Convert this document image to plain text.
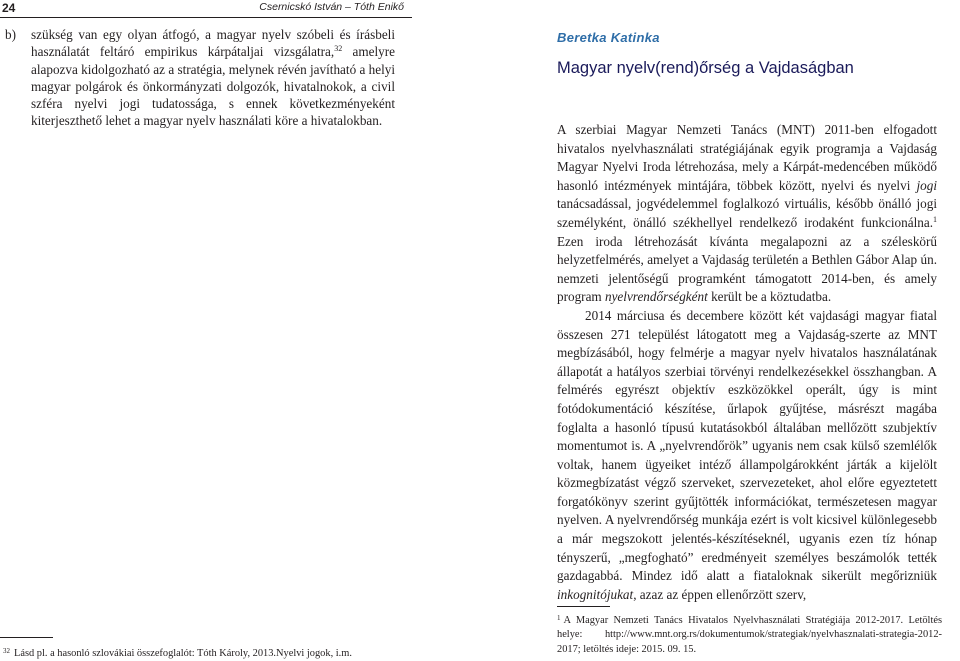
24	Csernicskó István – Tóth Enikő

b) szükség van egy olyan átfogó, a magyar nyelv szóbeli és írásbeli használatát feltáró empirikus kárpátaljai vizsgálatra,$^{32}$ amelyre alapozva kidolgozható az a stratégia, melynek révén javítható a helyi magyar polgárok és önkormányzati dolgozók, hivatalnokok, a civil szféra nyelvi jogi tudatossága, s ennek következményeként kiterjeszthető lehet a magyar nyelv használati köre a hivatalokban.

$^{32}$ Lásd pl. a hasonló szlovákiai összefoglalót: Tóth Károly, 2013.Nyelvi jogok, i.m.

Beretka Katinka
Magyar nyelv(rend)őrség a Vajdaságban

A szerbiai Magyar Nemzeti Tanács (MNT) 2011-ben elfogadott hivatalos nyelvhasználati stratégiájának egyik programja a Vajdaság Magyar Nyelvi Iroda létrehozása, mely a Kárpát-medencében működő hasonló intézmények mintájára, többek között, nyelvi és nyelvi jogi tanácsadással, jogvédelemmel foglalkozó virtuális, később önálló jogi személyként, önálló székhellyel rendelkező irodaként funkcionálna.$^1$ Ezen iroda létrehozását kívánta megalapozni az a széleskörű helyzetfelmérés, amelyet a Vajdaság területén a Bethlen Gábor Alap ún. nemzeti jelentőségű programként támogatott 2014-ben, és amely program nyelvrendőrségként került be a köztudatba.

2014 márciusa és decembere között két vajdasági magyar fiatal összesen 271 települést látogatott meg a Vajdaság-szerte az MNT megbízásából, hogy felmérje a magyar nyelv hivatalos használatának állapotát a hatályos szerbiai törvényi rendelkezésekkel összhangban. A felmérés egyrészt objektív eszközökkel operált, úgy is mint fotódokumentáció készítése, űrlapok gyűjtése, másrészt magába foglalta a hasonló típusú kutatásokból általában mellőzött szubjektív momentumot is. A „nyelvrendőrök” ugyanis nem csak külső szemlélők voltak, hanem ügyeiket intéző állampolgárokként járták a kijelölt közmegbízatást végző szerveket, szervezeteket, ahol előre egyeztetett forgatókönyv szerint gyűjtötték információkat, természetesen magyar nyelven. A nyelvrendőrség munkája ezért is volt kicsivel különlegesebb a már megszokott jelentés-készítéseknél, ugyanis ezen tíz hónap tényszerű, „megfogható” eredményeit személyes beszámolók tették gazdagabbá. Mindez idő alatt a fiataloknak sikerült megőrizniük inkognitójukat, azaz az éppen ellenőrzött szerv,

$^1$ A Magyar Nemzeti Tanács Hivatalos Nyelvhasználati Stratégiája 2012-2017. Letöltés helye: http://www.mnt.org.rs/dokumentumok/strategiak/nyelvhasznalati-strategia-2012-2017; letöltés ideje: 2015. 09. 15.
